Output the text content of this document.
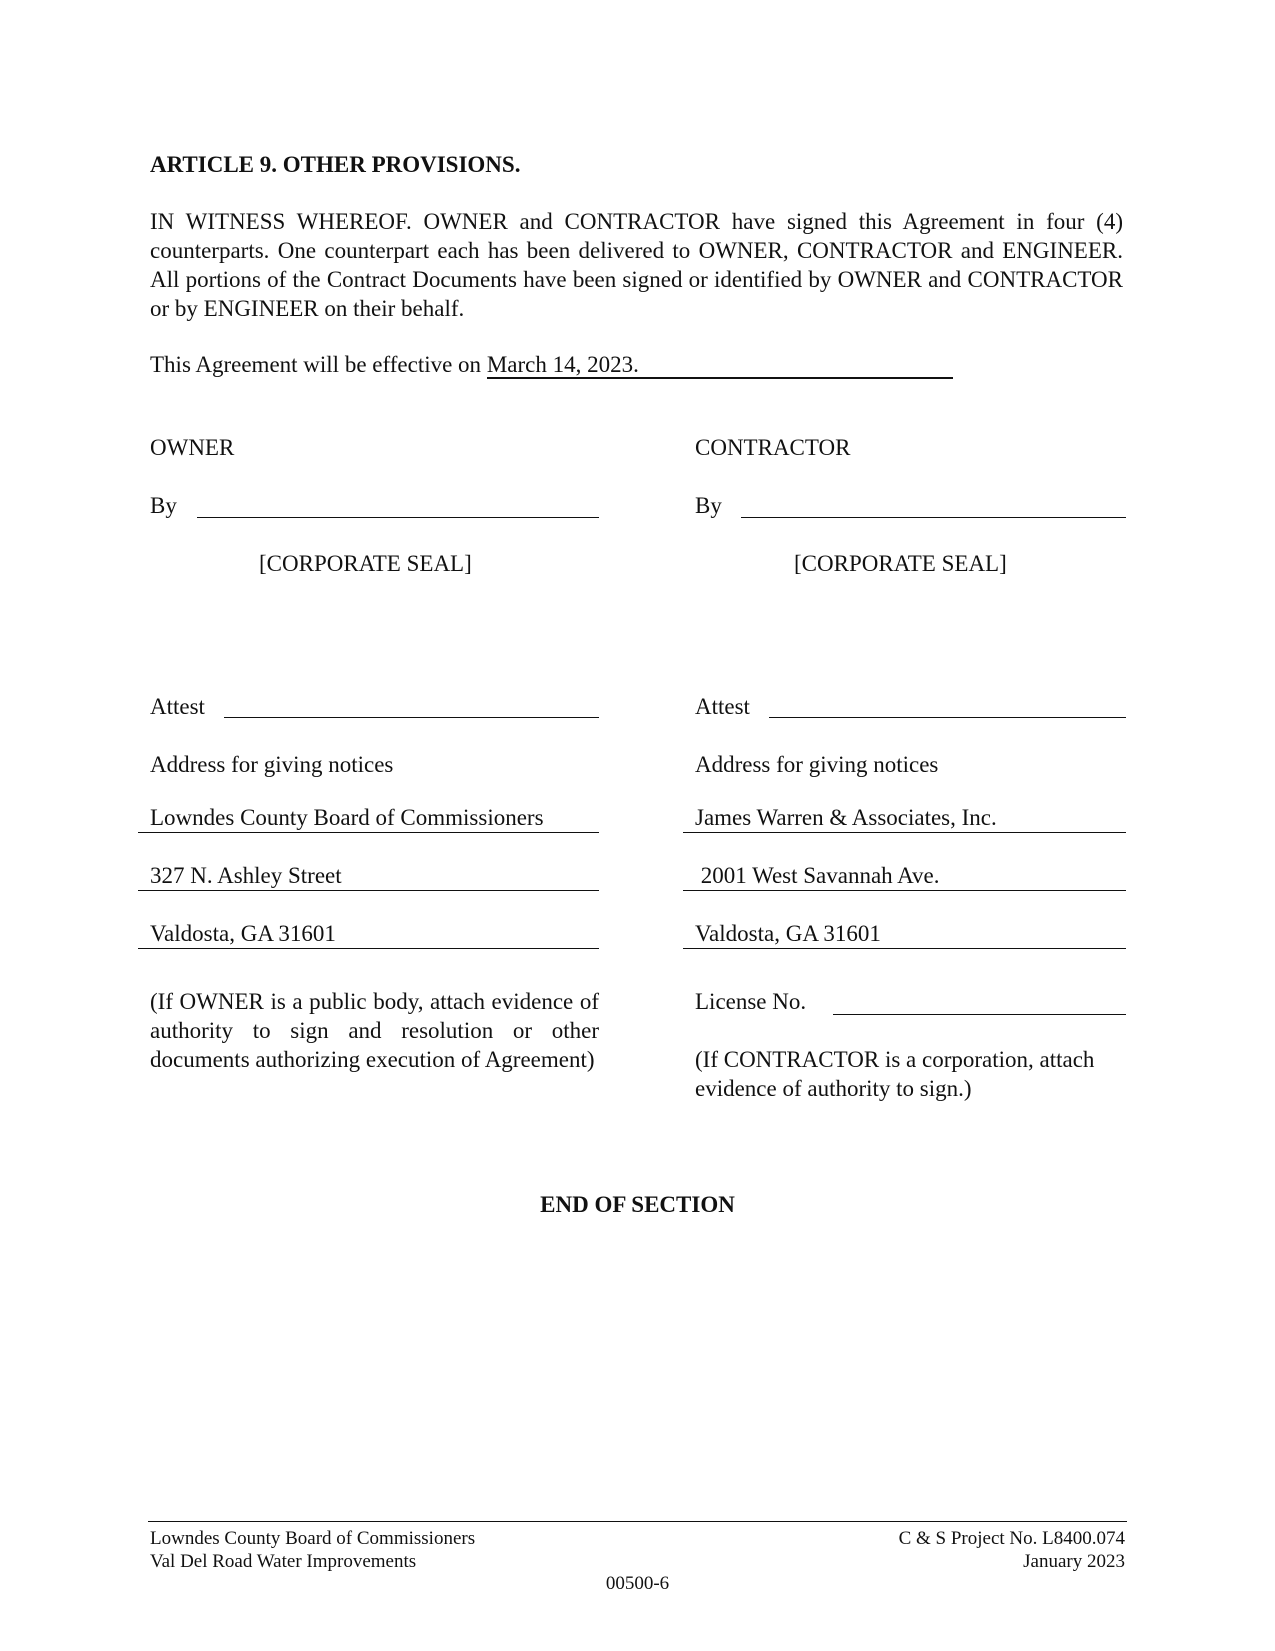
ARTICLE 9. OTHER PROVISIONS.
IN WITNESS WHEREOF. OWNER and CONTRACTOR have signed this Agreement in four (4) counterparts. One counterpart each has been delivered to OWNER, CONTRACTOR and ENGINEER. All portions of the Contract Documents have been signed or identified by OWNER and CONTRACTOR or by ENGINEER on their behalf.
This Agreement will be effective on March 14, 2023.
OWNER
By
[CORPORATE SEAL]
Attest
Address for giving notices
Lowndes County Board of Commissioners
327 N. Ashley Street
Valdosta, GA 31601
(If OWNER is a public body, attach evidence of authority to sign and resolution or other documents authorizing execution of Agreement)
CONTRACTOR
By
[CORPORATE SEAL]
Attest
Address for giving notices
James Warren & Associates, Inc.
2001 West Savannah Ave.
Valdosta, GA 31601
License No.
(If CONTRACTOR is a corporation, attach evidence of authority to sign.)
END OF SECTION
Lowndes County Board of Commissioners
Val Del Road Water Improvements
C & S Project No. L8400.074
January 2023
00500-6
